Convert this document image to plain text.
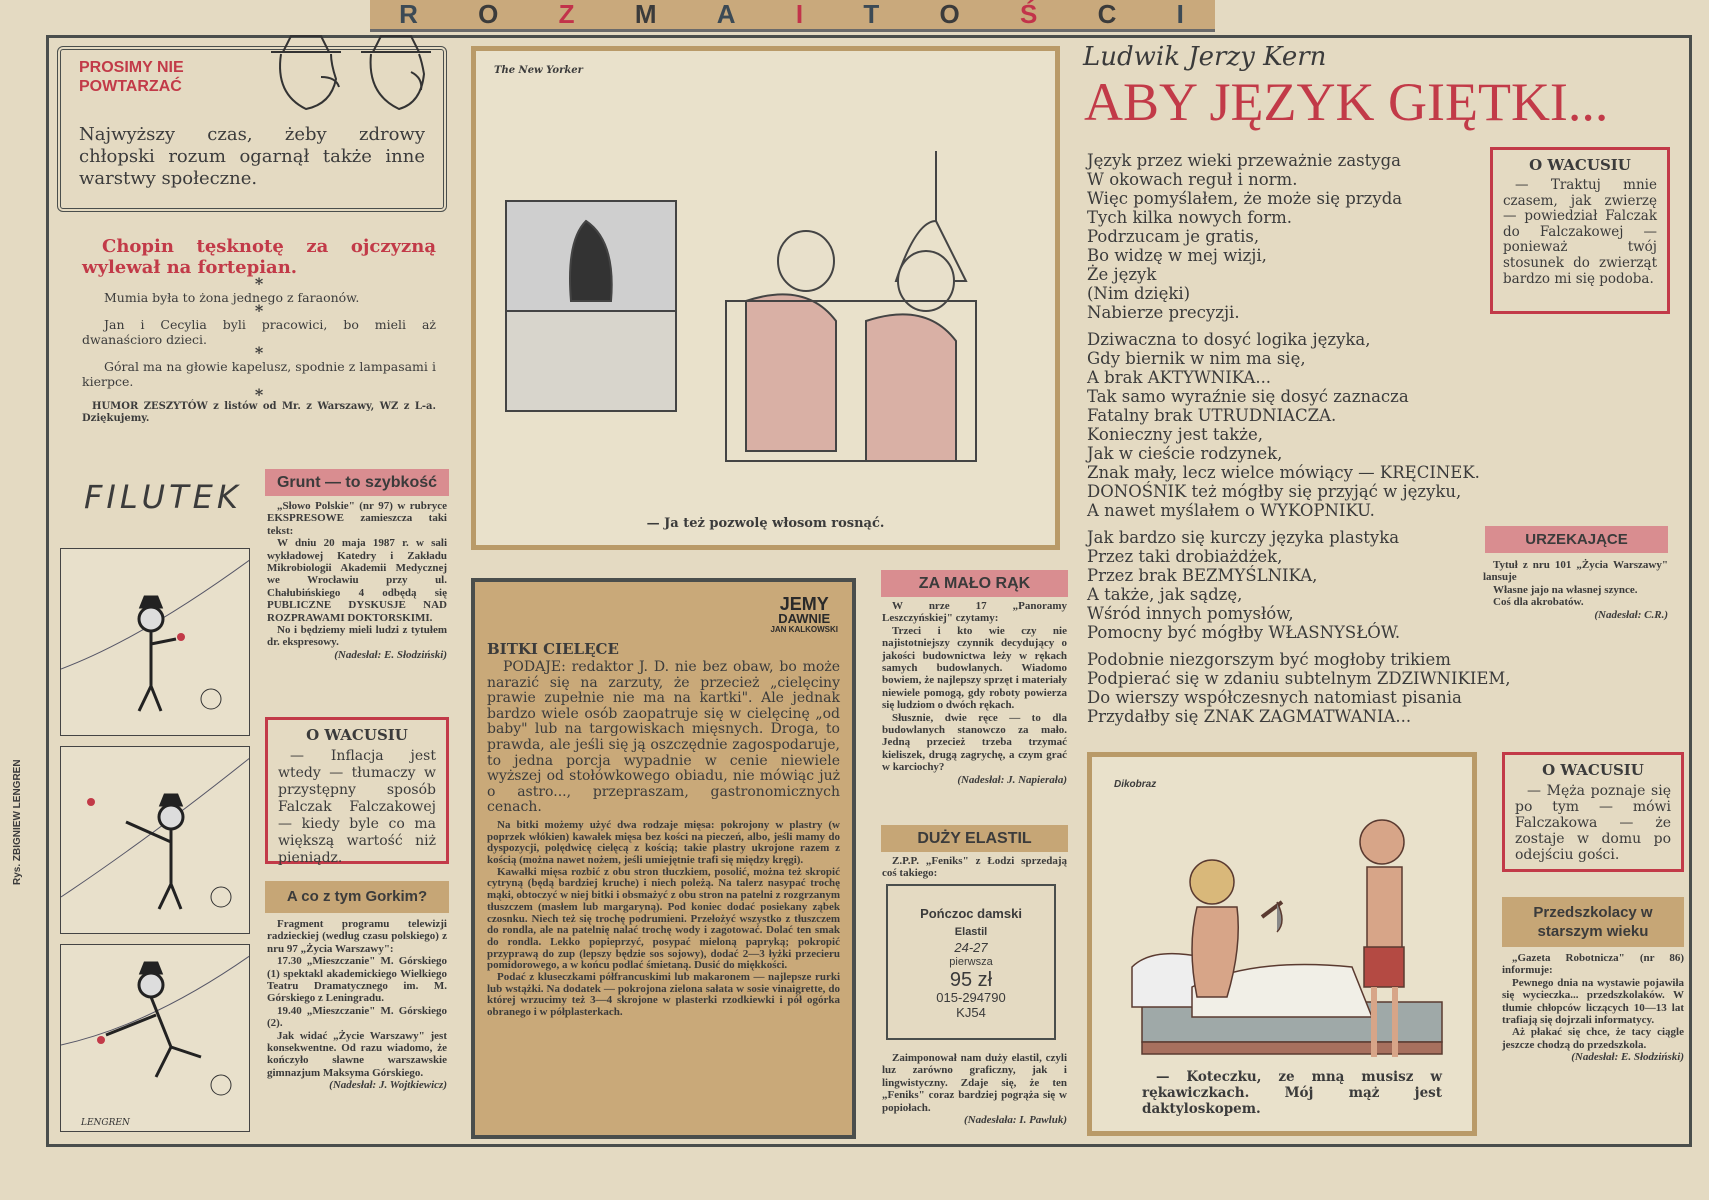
R O Z M A I T O Ś C I
Rys. ZBIGNIEW LENGREN
PROSIMY NIE
POWTARZAĆ

Najwyższy czas, żeby zdrowy chłopski rozum ogarnął także inne warstwy społeczne.

Chopin tęsknotę za ojczyzną wylewał na fortepian.

*

Mumia była to żona jednego z faraonów.

*

Jan i Cecylia byli pracowici, bo mieli aż dwanaścioro dzieci.

*

Góral ma na głowie kapelusz, spodnie z lampasami i kierpce.

*

HUMOR ZESZYTÓW z listów od Mr. z Warszawy, WZ z L-a. Dziękujemy.

FILUTEK
LENGREN
Grunt — to szybkość

„Słowo Polskie" (nr 97) w rubryce EKSPRESOWE zamieszcza taki tekst:

W dniu 20 maja 1987 r. w sali wykładowej Katedry i Zakładu Mikrobiologii Akademii Medycznej we Wrocławiu przy ul. Chałubińskiego 4 odbędą się PUBLICZNE DYSKUSJE NAD ROZPRAWAMI DOKTORSKIMI.

No i będziemy mieli ludzi z tytułem dr. ekspresowy.

(Nadesłał: E. Słodziński)
O WACUSIU

— Inflacja jest wtedy — tłumaczy w przystępny sposób Falczak Falczakowej — kiedy byle co ma większą wartość niż pieniądz.

A co z tym Gorkim?

Fragment programu telewizji radzieckiej (według czasu polskiego) z nru 97 „Życia Warszawy":

17.30 „Mieszczanie" M. Górskiego (1) spektakl akademickiego Wielkiego Teatru Dramatycznego im. M. Górskiego z Leningradu.

19.40 „Mieszczanie" M. Górskiego (2).

Jak widać „Życie Warszawy" jest konsekwentne. Od razu wiadomo, że kończyło sławne warszawskie gimnazjum Maksyma Górskiego.

(Nadesłał: J. Wojtkiewicz)
The New Yorker
— Ja też pozwolę włosom rosnąć.
JEMY
DAWNIE
JAN KALKOWSKI
BITKI CIELĘCE

PODAJE: redaktor J. D. nie bez obaw, bo może narazić się na zarzuty, że przecież „cielęciny prawie zupełnie nie ma na kartki". Ale jednak bardzo wiele osób zaopatruje się w cielęcinę „od baby" lub na targowiskach mięsnych. Droga, to prawda, ale jeśli się ją oszczędnie zagospodaruje, to jedna porcja wypadnie w cenie niewiele wyższej od stołówkowego obiadu, nie mówiąc już o astro..., przepraszam, gastronomicznych cenach.

Na bitki możemy użyć dwa rodzaje mięsa: pokrojony w plastry (w poprzek włókien) kawałek mięsa bez kości na pieczeń, albo, jeśli mamy do dyspozycji, polędwicę cielęcą z kością; takie plastry ukrojone razem z kością (można nawet nożem, jeśli umiejętnie trafi się między kręgi).

Kawałki mięsa rozbić z obu stron tłuczkiem, posolić, można też skropić cytryną (będą bardziej kruche) i niech poleżą. Na talerz nasypać trochę mąki, obtoczyć w niej bitki i obsmażyć z obu stron na patelni z rozgrzanym tłuszczem (masłem lub margaryną). Pod koniec dodać posiekany ząbek czosnku. Niech też się trochę podrumieni. Przełożyć wszystko z tłuszczem do rondla, ale na patelnię nalać trochę wody i zagotować. Dolać ten smak do rondla. Lekko popieprzyć, posypać mieloną papryką; pokropić przyprawą do zup (lepszy będzie sos sojowy), dodać 2—3 łyżki przecieru pomidorowego, a w końcu podlać śmietaną. Dusić do miękkości.

Podać z kluseczkami półfrancuskimi lub makaronem — najlepsze rurki lub wstążki. Na dodatek — pokrojona zielona sałata w sosie vinaigrette, do której wrzucimy też 3—4 skrojone w plasterki rzodkiewki i pół ogórka obranego i w półplasterkach.

ZA MAŁO RĄK

W nrze 17 „Panoramy Leszczyńskiej" czytamy:

Trzeci i kto wie czy nie najistotniejszy czynnik decydujący o jakości budownictwa leży w rękach samych budowlanych. Wiadomo bowiem, że najlepszy sprzęt i materiały niewiele pomogą, gdy roboty powierza się ludziom o dwóch rękach.

Słusznie, dwie ręce — to dla budowlanych stanowczo za mało. Jedną przecież trzeba trzymać kieliszek, drugą zagrychę, a czym grać w karciochy?

(Nadesłał: J. Napierała)
DUŻY ELASTIL

Z.P.P. „Feniks" z Łodzi sprzedają coś takiego:

Pończoc damski
Elastil
24-27
pierwsza
95 zł
015-294790
KJ54

Zaimponował nam duży elastil, czyli luz zarówno graficzny, jak i lingwistyczny. Zdaje się, że ten „Feniks" coraz bardziej pogrąża się w popiołach.

(Nadesłała: I. Pawluk)
Ludwik Jerzy Kern
ABY JĘZYK GIĘTKI...
Język przez wieki przeważnie zastyga
W okowach reguł i norm.
Więc pomyślałem, że może się przyda
Tych kilka nowych form.
Podrzucam je gratis,
Bo widzę w mej wizji,
Że język
(Nim dzięki)
Nabierze precyzji.
Dziwaczna to dosyć logika języka,
Gdy biernik w nim ma się,
A brak AKTYWNIKA...
Tak samo wyraźnie się dosyć zaznacza
Fatalny brak UTRUDNIACZA.
Konieczny jest także,
Jak w cieście rodzynek,
Znak mały, lecz wielce mówiący — KRĘCINEK.
DONOŚNIK też mógłby się przyjąć w języku,
A nawet myślałem o WYKOPNIKU.
Jak bardzo się kurczy języka plastyka
Przez taki drobiażdżek,
Przez brak BEZMYŚLNIKA,
A także, jak sądzę,
Wśród innych pomysłów,
Pomocny być mógłby WŁASNYSŁÓW.
Podobnie niezgorszym być mogłoby trikiem
Podpierać się w zdaniu subtelnym ZDZIWNIKIEM,
Do wierszy współczesnych natomiast pisania
Przydałby się ZNAK ZAGMATWANIA...
O WACUSIU

— Traktuj mnie czasem, jak zwierzę — powiedział Falczak do Falczakowej — ponieważ twój stosunek do zwierząt bardzo mi się podoba.

URZEKAJĄCE

Tytuł z nru 101 „Życia Warszawy" lansuje

Własne jajo na własnej szynce.

Coś dla akrobatów.

(Nadesłał: C.R.)
Dikobraz

— Koteczku, ze mną musisz w rękawiczkach. Mój mąż jest daktyloskopem.

O WACUSIU

— Męża poznaje się po tym — mówi Falczakowa — że zostaje w domu po odejściu gości.

Przedszkolacy w starszym wieku

„Gazeta Robotnicza" (nr 86) informuje:

Pewnego dnia na wystawie pojawiła się wycieczka... przedszkolaków. W tłumie chłopców liczących 10—13 lat trafiają się dojrzali informatycy.

Aż płakać się chce, że tacy ciągle jeszcze chodzą do przedszkola.

(Nadesłał: E. Słodziński)
